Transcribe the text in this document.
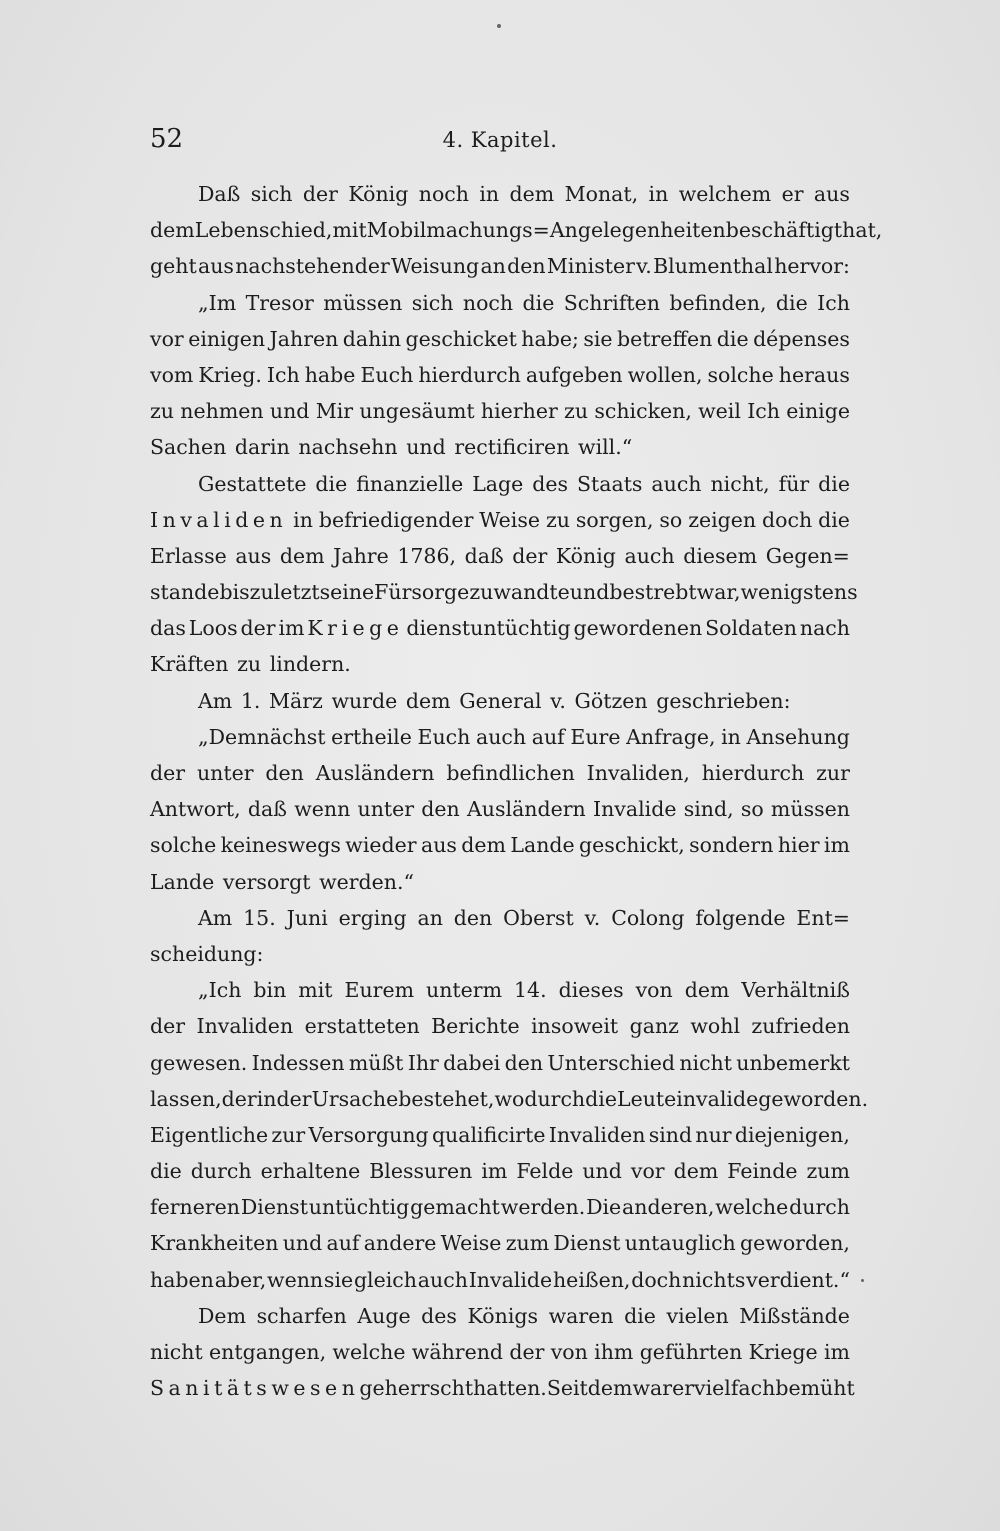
52	4. Kapitel.
Daß sich der König noch in dem Monat, in welchem er aus
dem Leben schied, mit Mobilmachungs=Angelegenheiten beschäftigt hat,
geht aus nachstehender Weisung an den Minister v. Blumenthal hervor:
„Im Tresor müssen sich noch die Schriften befinden, die Ich
vor einigen Jahren dahin geschicket habe; sie betreffen die dépenses
vom Krieg. Ich habe Euch hierdurch aufgeben wollen, solche heraus
zu nehmen und Mir ungesäumt hierher zu schicken, weil Ich einige
Sachen darin nachsehn und rectificiren will.“
Gestattete die finanzielle Lage des Staats auch nicht, für die
Invaliden in befriedigender Weise zu sorgen, so zeigen doch die
Erlasse aus dem Jahre 1786, daß der König auch diesem Gegen=
stande bis zuletzt seine Fürsorge zuwandte und bestrebt war, wenigstens
das Loos der im Kriege dienstuntüchtig gewordenen Soldaten nach
Kräften zu lindern.
Am 1. März wurde dem General v. Götzen geschrieben:
„Demnächst ertheile Euch auch auf Eure Anfrage, in Ansehung
der unter den Ausländern befindlichen Invaliden, hierdurch zur
Antwort, daß wenn unter den Ausländern Invalide sind, so müssen
solche keineswegs wieder aus dem Lande geschickt, sondern hier im
Lande versorgt werden.“
Am 15. Juni erging an den Oberst v. Colong folgende Ent=
scheidung:
„Ich bin mit Eurem unterm 14. dieses von dem Verhältniß
der Invaliden erstatteten Berichte insoweit ganz wohl zufrieden
gewesen. Indessen müßt Ihr dabei den Unterschied nicht unbemerkt
lassen, der in der Ursache bestehet, wodurch die Leute invalide geworden.
Eigentliche zur Versorgung qualificirte Invaliden sind nur diejenigen,
die durch erhaltene Blessuren im Felde und vor dem Feinde zum
ferneren Dienst untüchtig gemacht werden. Die anderen, welche durch
Krankheiten und auf andere Weise zum Dienst untauglich geworden,
haben aber, wenn sie gleich auch Invalide heißen, doch nichts verdient.“
Dem scharfen Auge des Königs waren die vielen Mißstände
nicht entgangen, welche während der von ihm geführten Kriege im
Sanitätswesen geherrscht hatten. Seitdem war er vielfach bemüht
